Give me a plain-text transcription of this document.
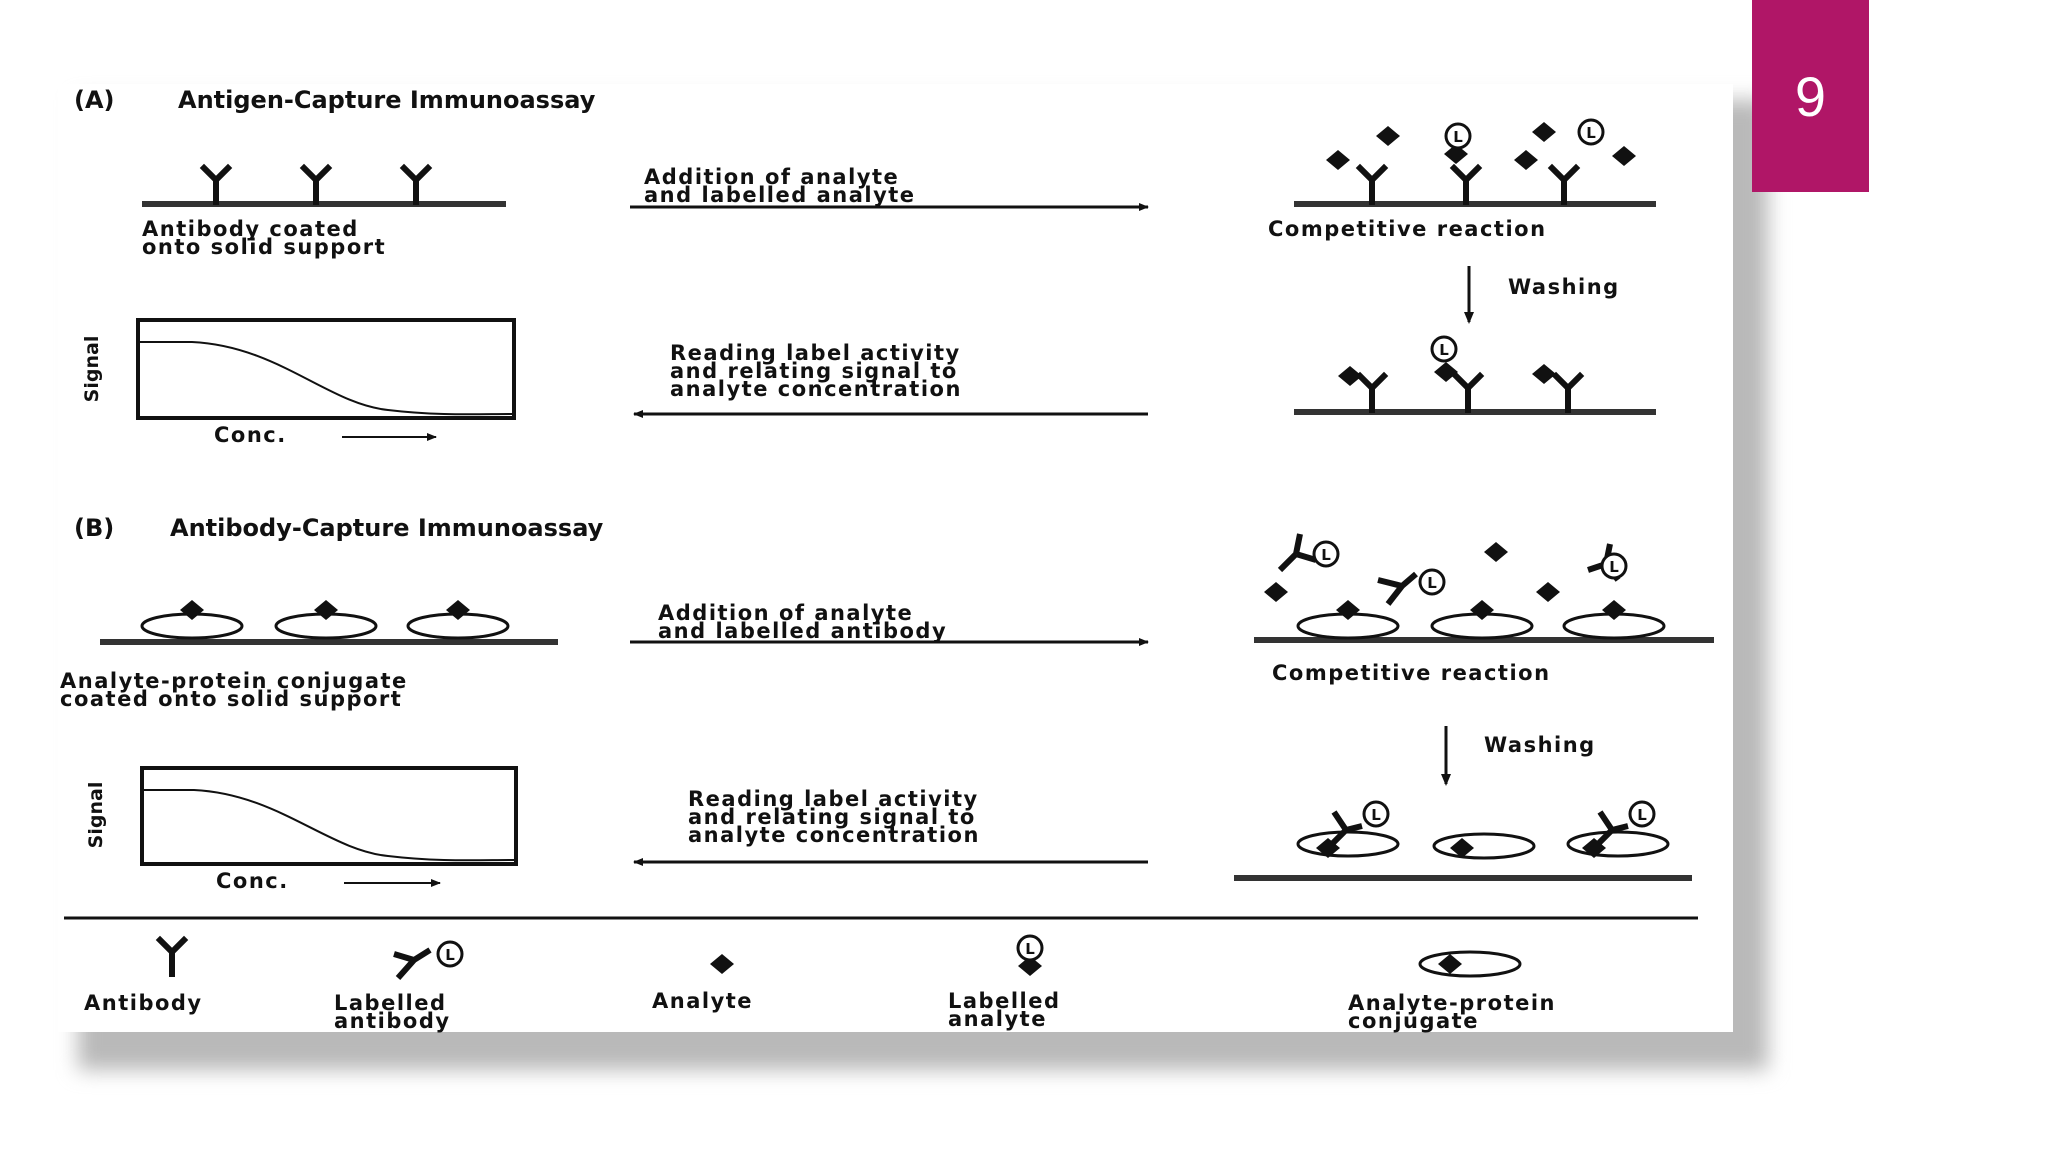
L
(A)	Antigen-Capture Immunoassay
Antibody coated
onto solid support
Addition of analyte
and labelled analyte
Competitive reaction
Washing
Reading label activity
and relating signal to
analyte concentration
Signal
Conc.
(B) Antibody-Capture Immunoassay
Analyte-protein conjugate
coated onto solid support
Addition of analyte
and labelled antibody
Competitive reaction
Washing
Reading label activity
and relating signal to
analyte concentration
Signal
Conc.
Antibody	Labelled
antibody
Analyte	Labelled
analyte
Analyte-protein
conjugate
9
